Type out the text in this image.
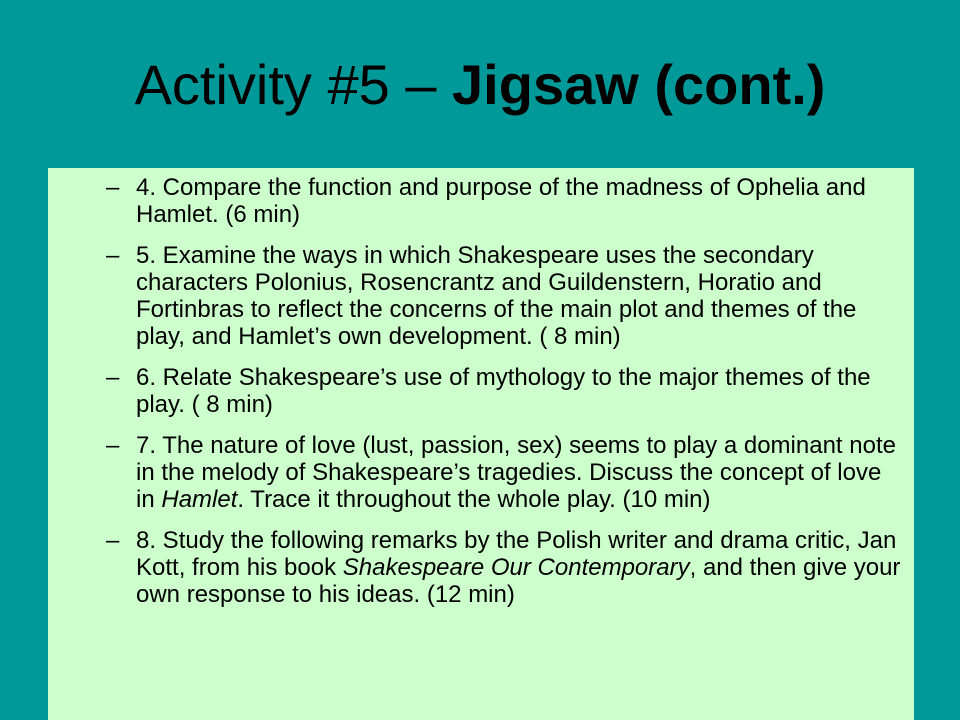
Activity #5 – Jigsaw (cont.)
– 4. Compare the function and purpose of the madness of Ophelia and Hamlet. (6 min)
– 5. Examine the ways in which Shakespeare uses the secondary characters Polonius, Rosencrantz and Guildenstern, Horatio and Fortinbras to reflect the concerns of the main plot and themes of the play, and Hamlet’s own development. ( 8 min)
– 6. Relate Shakespeare’s use of mythology to the major themes of the play. ( 8 min)
– 7. The nature of love (lust, passion, sex) seems to play a dominant note in the melody of Shakespeare’s tragedies. Discuss the concept of love in Hamlet. Trace it throughout the whole play. (10 min)
– 8. Study the following remarks by the Polish writer and drama critic, Jan Kott, from his book Shakespeare Our Contemporary, and then give your own response to his ideas. (12 min)
